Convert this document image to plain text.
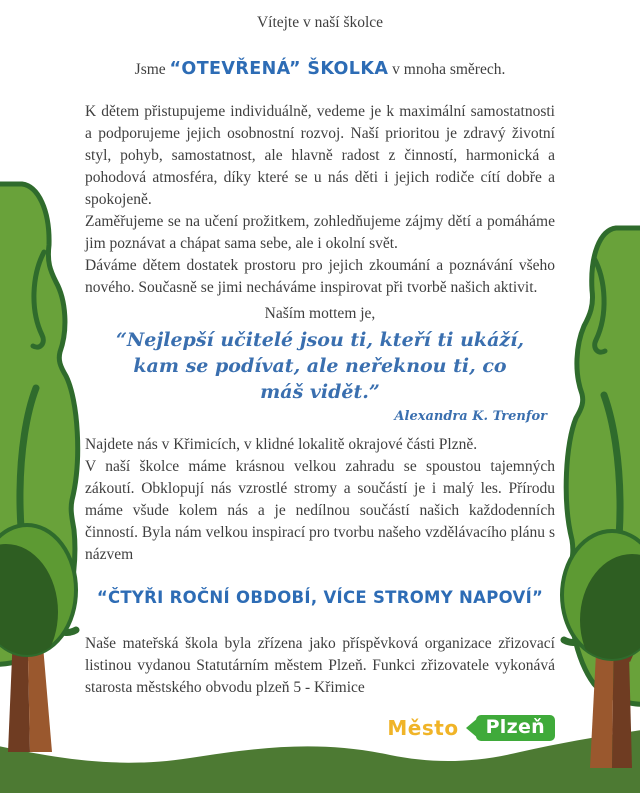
Vítejte v naší školce
Jsme “OTEVŘENÁ” ŠKOLKA v mnoha směrech.

K dětem přistupujeme individuálně, vedeme je k maximální samostatnosti a podporujeme jejich osobnostní rozvoj. Naší prioritou je zdravý životní styl, pohyb, samostatnost, ale hlavně radost z činností, harmonická a pohodová atmosféra, díky které se u nás děti i jejich rodiče cítí dobře a spokojeně.

Zaměřujeme se na učení prožitkem, zohledňujeme zájmy dětí a pomáháme jim poznávat a chápat sama sebe, ale i okolní svět.

Dáváme dětem dostatek prostoru pro jejich zkoumání a poznávání všeho nového. Současně se jimi necháváme inspirovat při tvorbě našich aktivit.

Naším mottem je,
“Nejlepší učitelé jsou ti, kteří ti ukáží, kam se podívat, ale neřeknou ti, co máš vidět.”
Alexandra K. Trenfor

Najdete nás v Křimicích, v klidné lokalitě okrajové části Plzně.

V naší školce máme krásnou velkou zahradu se spoustou tajemných zákoutí. Obklopují nás vzrostlé stromy a součástí je i malý les. Přírodu máme všude kolem nás a je nedílnou součástí našich každodenních činností. Byla nám velkou inspirací pro tvorbu našeho vzdělávacího plánu s názvem

“ČTYŘI ROČNÍ OBDOBÍ, VÍCE STROMY NAPOVÍ”

Naše mateřská škola byla zřízena jako příspěvková organizace zřizovací listinou vydanou Statutárním městem Plzeň. Funkci zřizovatele vykonává starosta městského obvodu plzeň 5 - Křimice

Město	Plzeň
